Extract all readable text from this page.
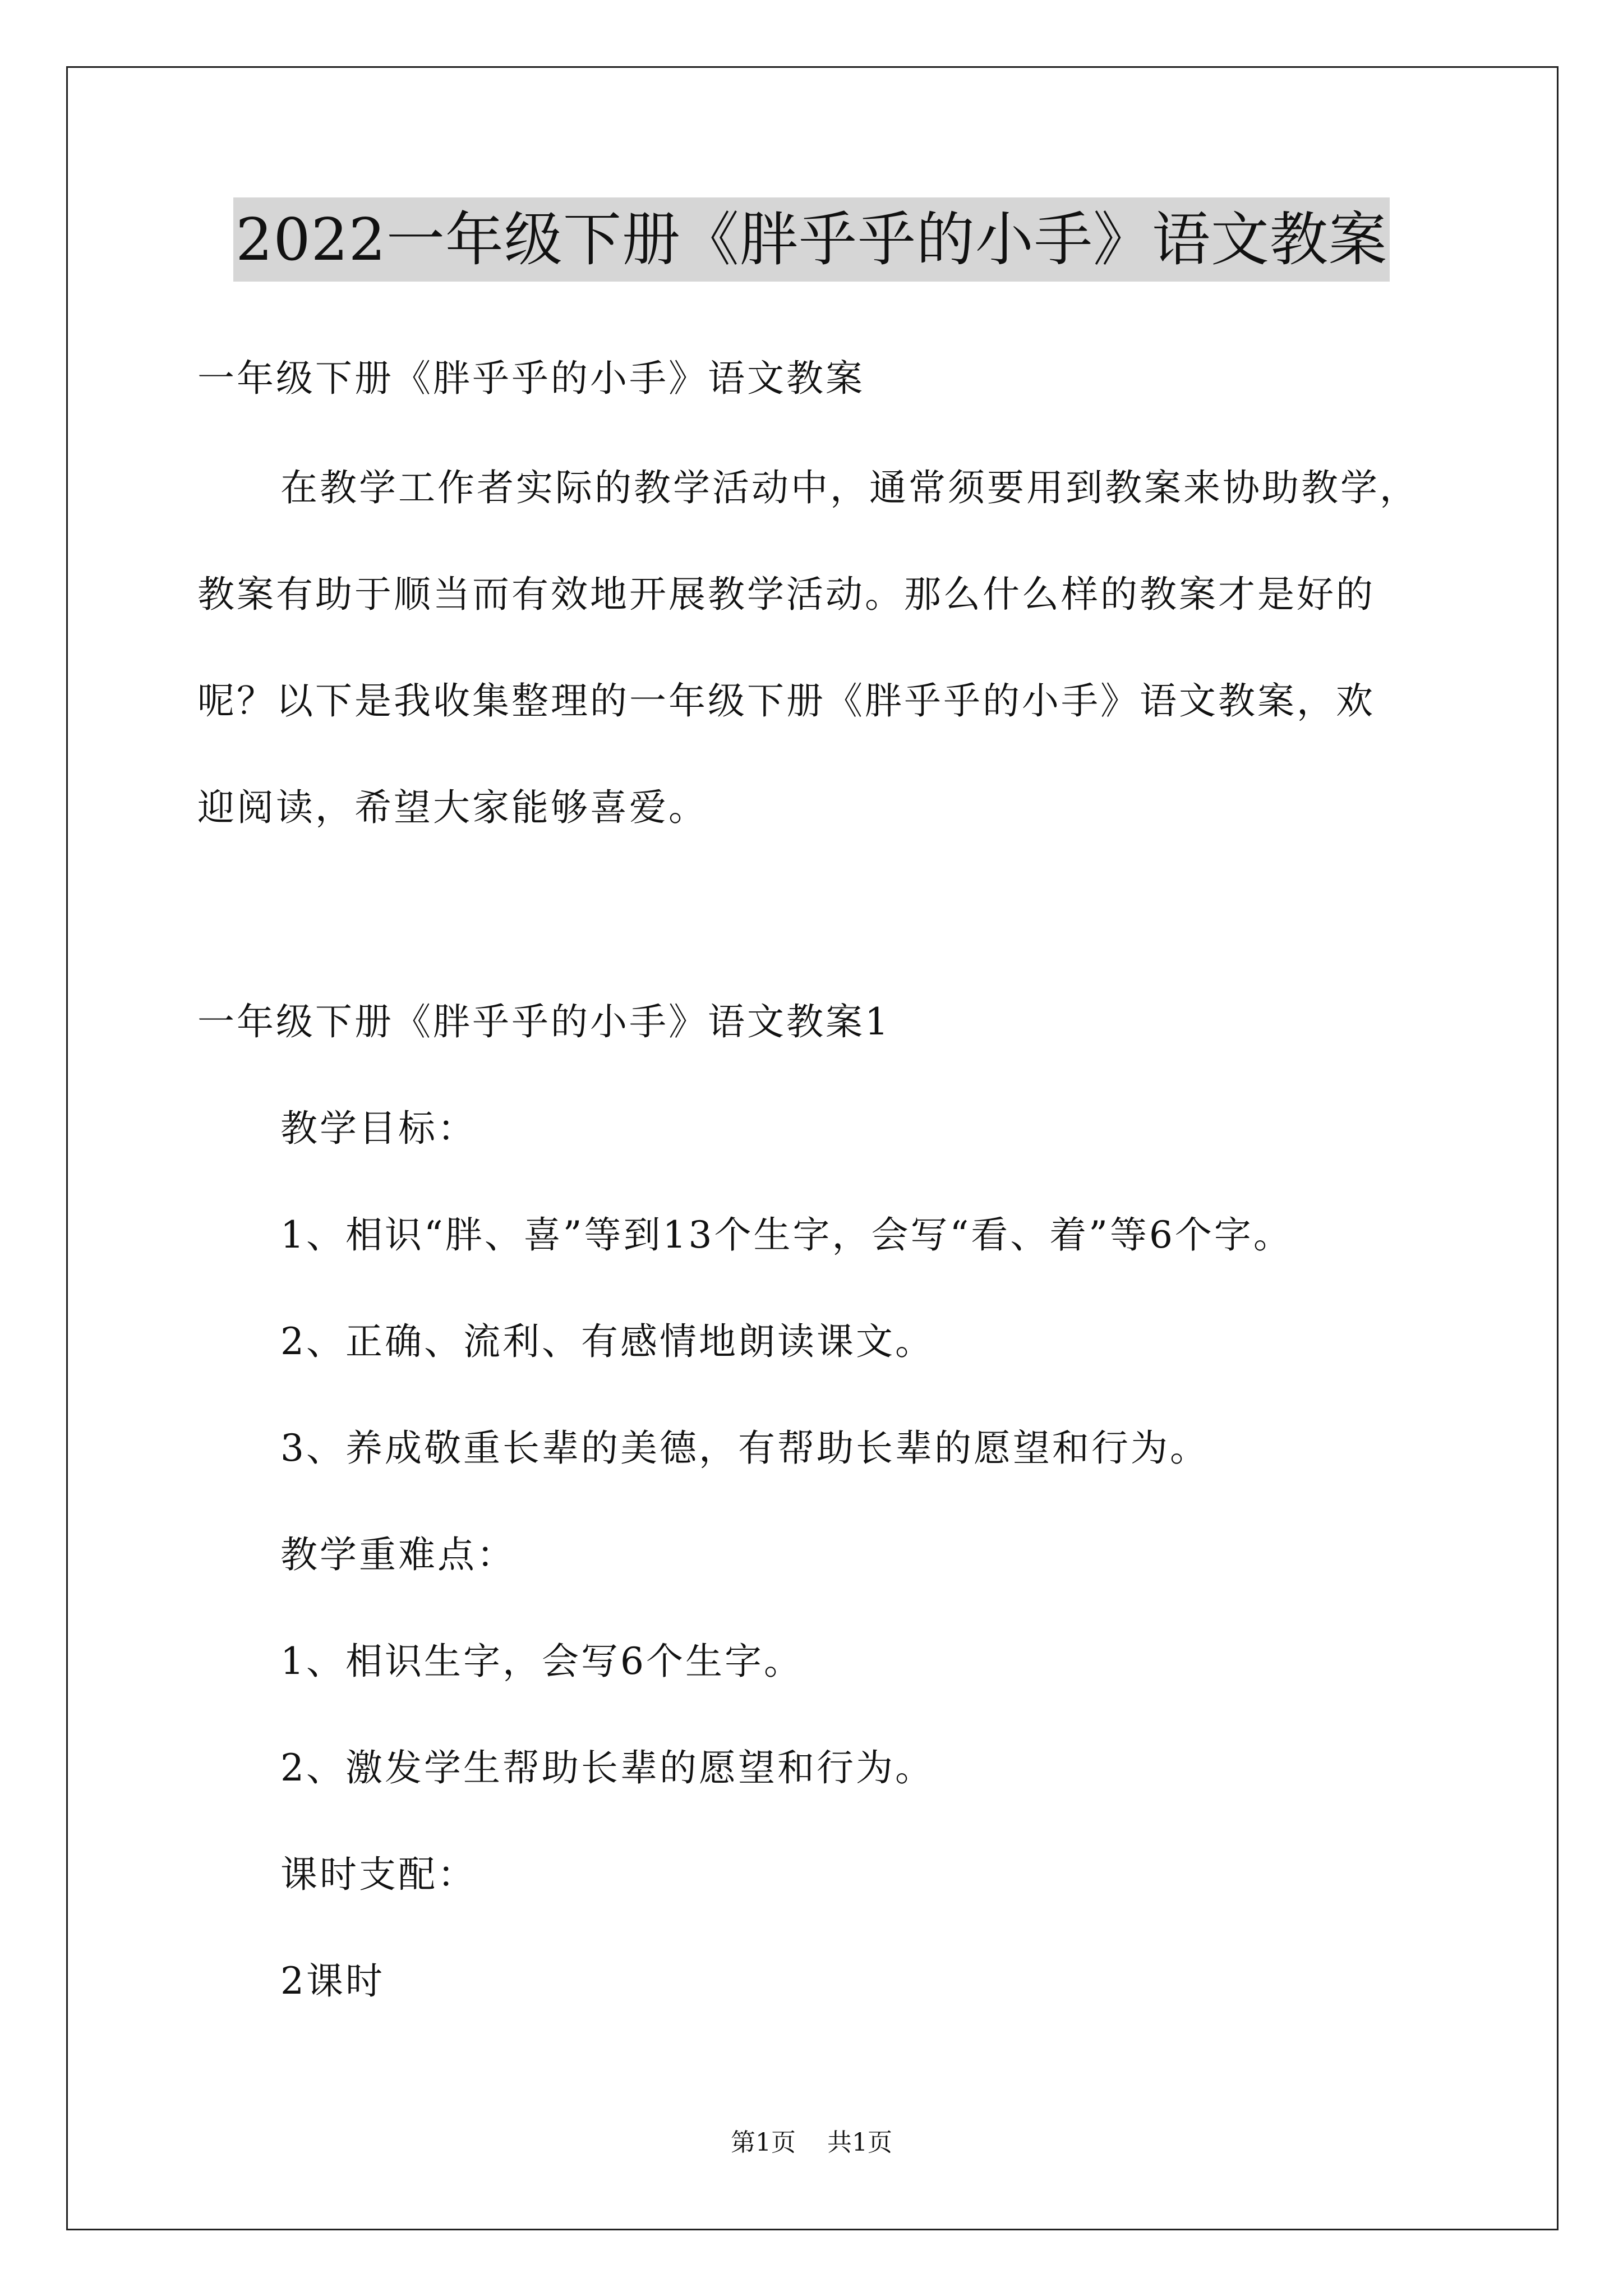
2022一年级下册《胖乎乎的小手》语文教案
一年级下册《胖乎乎的小手》语文教案
在教学工作者实际的教学活动中，通常须要用到教案来协助教学，
教案有助于顺当而有效地开展教学活动。那么什么样的教案才是好的
呢？以下是我收集整理的一年级下册《胖乎乎的小手》语文教案，欢
迎阅读，希望大家能够喜爱。
一年级下册《胖乎乎的小手》语文教案1
教学目标：
1、相识“胖、喜”等到13个生字，会写“看、着”等6个字。
2、正确、流利、有感情地朗读课文。
3、养成敬重长辈的美德，有帮助长辈的愿望和行为。
教学重难点：
1、相识生字，会写6个生字。
2、激发学生帮助长辈的愿望和行为。
课时支配：
2课时
第1页 共1页
